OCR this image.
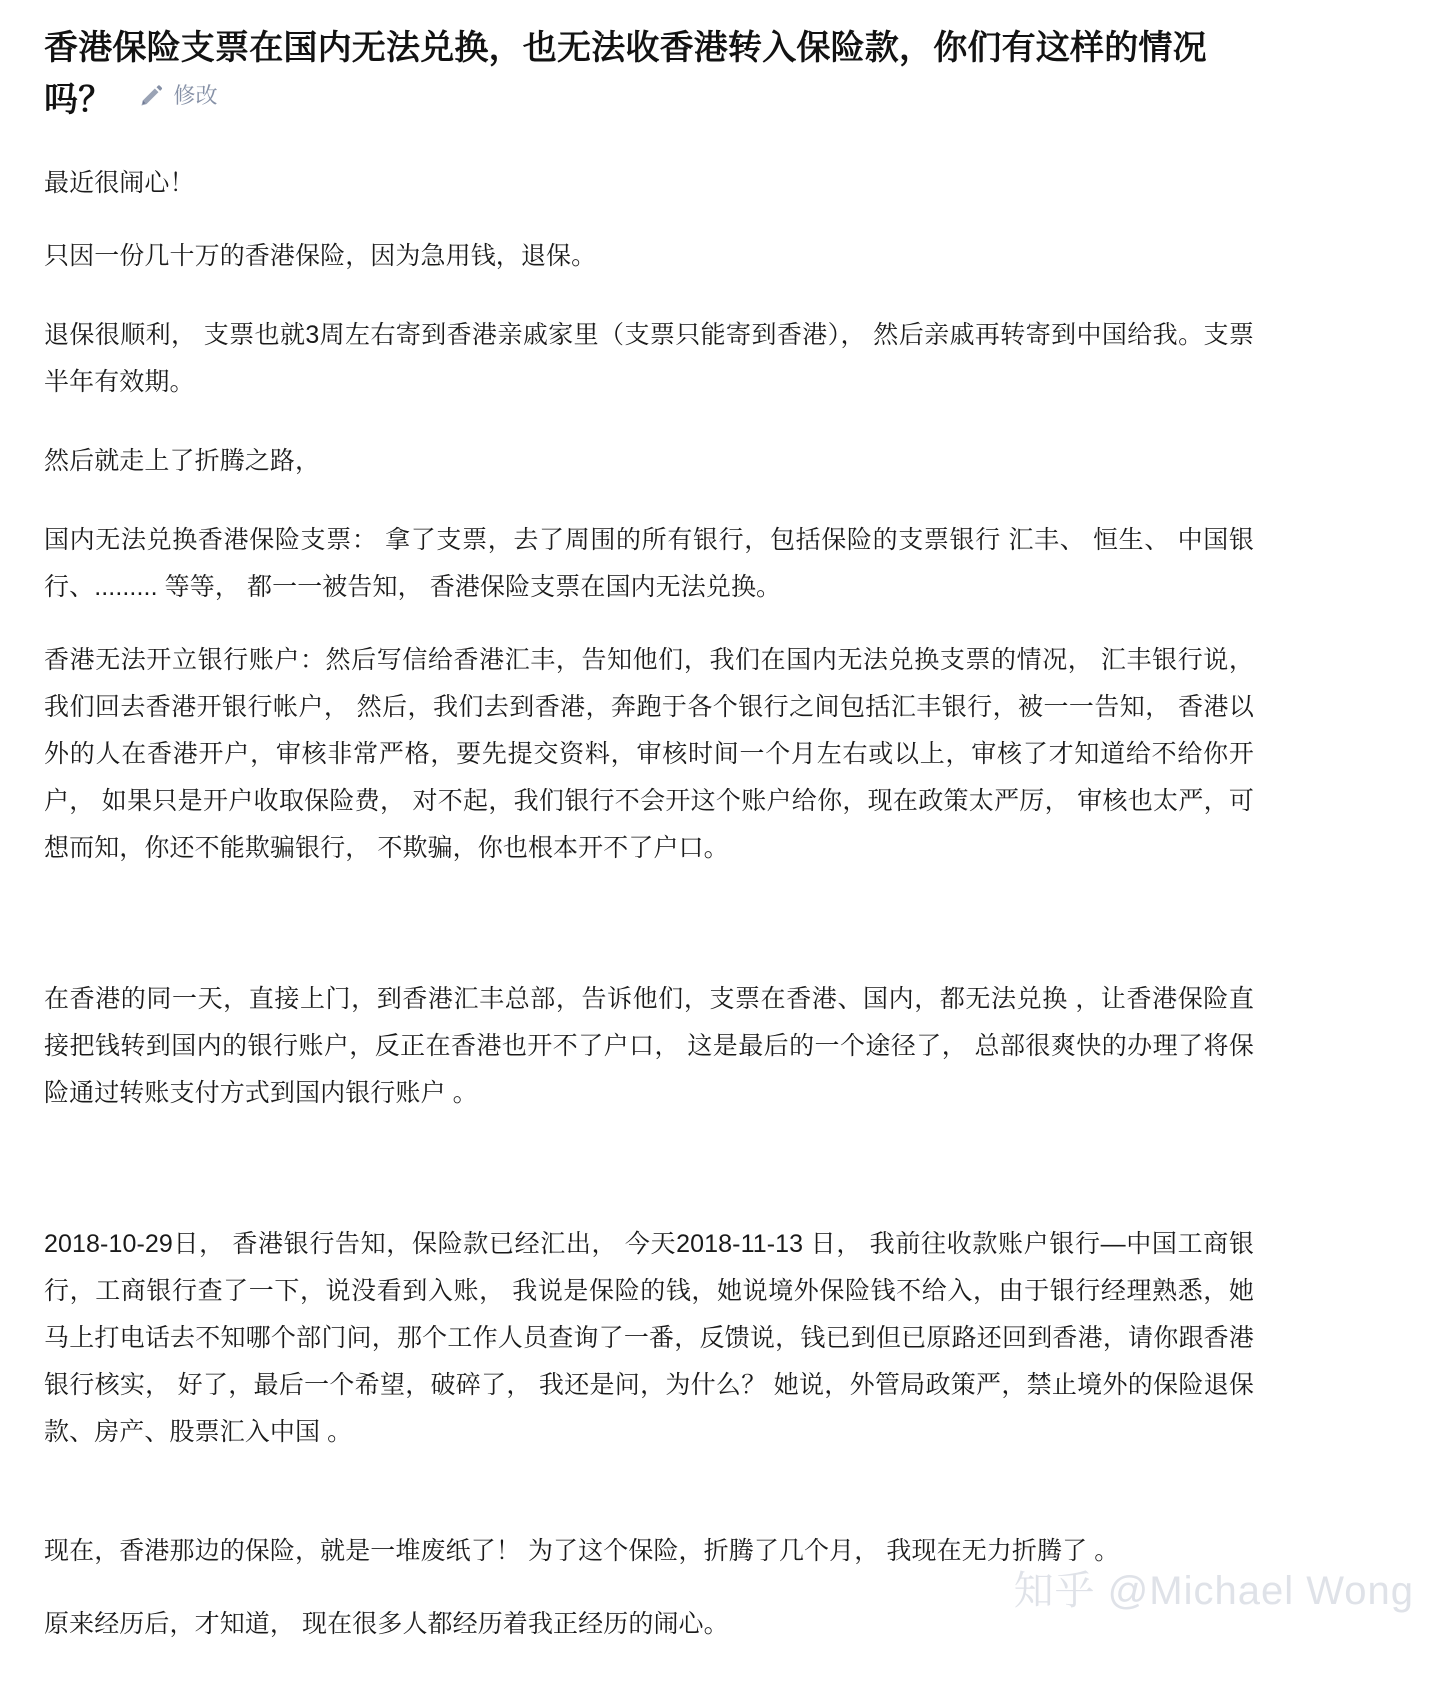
香港保险支票在国内无法兑换，也无法收香港转入保险款，你们有这样的情况吗？	修改

最近很闹心！

只因一份几十万的香港保险，因为急用钱，退保。

退保很顺利， 支票也就3周左右寄到香港亲戚家里（支票只能寄到香港）， 然后亲戚再转寄到中国给我。支票半年有效期。

然后就走上了折腾之路，

国内无法兑换香港保险支票： 拿了支票，去了周围的所有银行，包括保险的支票银行 汇丰、 恒生、 中国银行、......... 等等， 都一一被告知， 香港保险支票在国内无法兑换。

香港无法开立银行账户：然后写信给香港汇丰，告知他们，我们在国内无法兑换支票的情况， 汇丰银行说，我们回去香港开银行帐户， 然后，我们去到香港，奔跑于各个银行之间包括汇丰银行，被一一告知， 香港以外的人在香港开户，审核非常严格，要先提交资料，审核时间一个月左右或以上，审核了才知道给不给你开户， 如果只是开户收取保险费， 对不起，我们银行不会开这个账户给你，现在政策太严厉， 审核也太严，可想而知，你还不能欺骗银行， 不欺骗，你也根本开不了户口。

在香港的同一天，直接上门，到香港汇丰总部，告诉他们，支票在香港、国内，都无法兑换 ，让香港保险直接把钱转到国内的银行账户，反正在香港也开不了户口， 这是最后的一个途径了， 总部很爽快的办理了将保险通过转账支付方式到国内银行账户 。

2018-10-29日， 香港银行告知，保险款已经汇出， 今天2018-11-13 日， 我前往收款账户银行—中国工商银行，工商银行查了一下，说没看到入账， 我说是保险的钱，她说境外保险钱不给入，由于银行经理熟悉，她马上打电话去不知哪个部门问，那个工作人员查询了一番，反馈说，钱已到但已原路还回到香港，请你跟香港银行核实， 好了，最后一个希望，破碎了， 我还是问，为什么？ 她说，外管局政策严，禁止境外的保险退保款、房产、股票汇入中国 。

现在，香港那边的保险，就是一堆废纸了！ 为了这个保险，折腾了几个月， 我现在无力折腾了 。

原来经历后，才知道， 现在很多人都经历着我正经历的闹心。

知乎 @Michael Wong
